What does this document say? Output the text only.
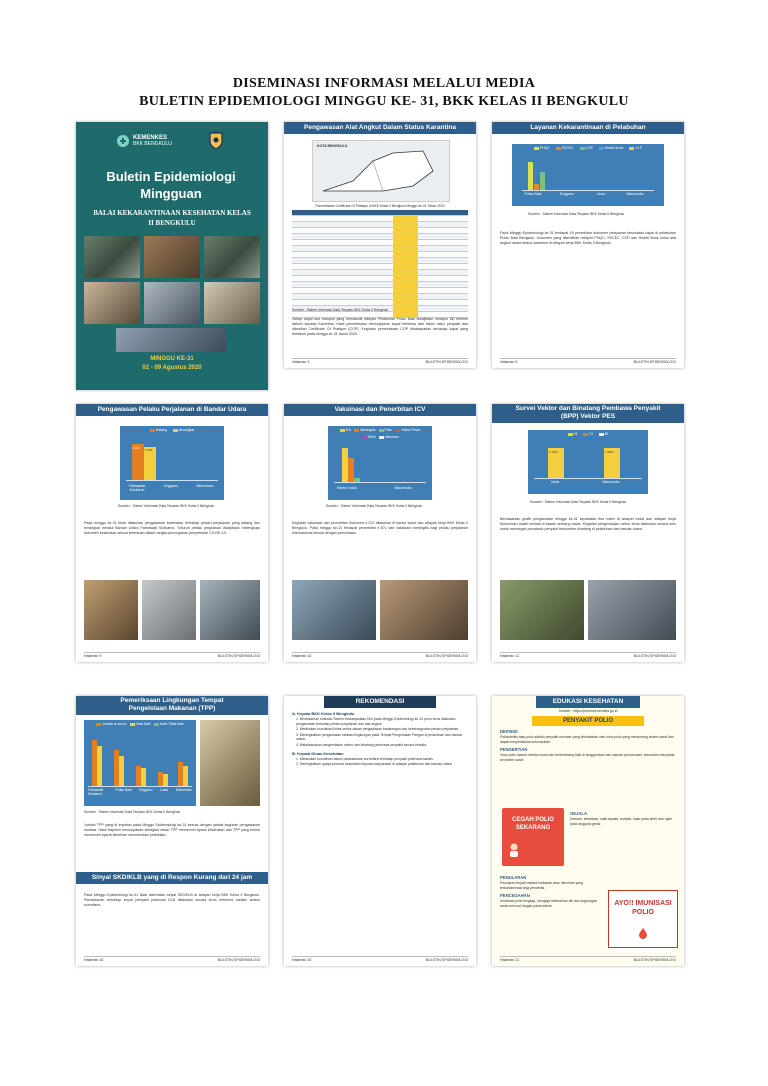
DISEMINASI INFORMASI MELALUI MEDIA
BULETIN EPIDEMIOLOGI MINGGU KE- 31, BKK KELAS II BENGKULU
KEMENKES
BKK BENGKULU
Buletin Epidemiologi Mingguan
BALAI KEKARANTINAAN KESEHATAN KELAS II BENGKULU
MINGGU KE-31
02 - 09 Agustus 2020
Pengawasan Alat Angkut Dalam Status Karantina
KOTA BENGKULU
Pemeriksaan Certificate Of Pratique di BKK Kelas II Bengkulu Minggu ke-31 Tahun 2020
Sumber : Sistem Informasi Data Terpadu BKK Kelas II Bengkulu
Setiap kapal laut maupun yang memasuki wilayah Pelabuhan Pulau Baai diwajibkan melapor diri terlebih dahulu kepada Karantina. Hasil pemeriksaan menunjukkan kapal terbebas dari faktor risiko penyakit dan diberikan Certificate Of Pratique (COP). Kegiatan pemeriksaan COP dilaksanakan terhadap kapal yang berlabuh pada minggu ke-31 tahun 2020.
Halaman 3	BULETIN EPIDEMIOLOGI
Layanan Kekarantinaan di Pelabuhan
PHQC	SSCEC	COP	Health Book	CLP
Pulau Baai	Enggano	Linau	Mukomuko
Sumber : Sistem Informasi Data Terpadu BKK Kelas II Bengkulu
Pada Minggu Epidemiologi ke-31 terdapat 18 penerbitan dokumen pelayanan kesehatan kapal di pelabuhan Pulau Baai Bengkulu. Dokumen yang diterbitkan meliputi PHQC, SSCEC, COP dan Health Book untuk alat angkut dalam status karantina di wilayah kerja BKK Kelas II Bengkulu.
Halaman 6	BULETIN EPIDEMIOLOGI
Pengawasan Pelaku Perjalanan di Bandar Udara
Datang	Berangkat
1.201 1.096
Fatmawati Soekarno
Enggano	Mukomuko
Sumber : Sistem Informasi Data Terpadu BKK Kelas II Bengkulu
Pada minggu ke-31 telah dilakukan pengawasan kesehatan terhadap pelaku perjalanan yang datang dan berangkat melalui Bandar Udara Fatmawati Soekarno. Seluruh pelaku perjalanan diwajibkan melengkapi dokumen kesehatan sesuai ketentuan dalam rangka pencegahan penyebaran COVID-19.
Halaman 9	BULETIN EPIDEMIOLOGI
Vaksinasi dan Penerbitan ICV
ICV	Meningitis	Polio	Yellow Fever
Tifoid	Influenza
Kantor Induk	Mukomuko
Sumber : Sistem Informasi Data Terpadu BKK Kelas II Bengkulu
Kegiatan vaksinasi dan penerbitan dokumen e-ICV dilakukan di kantor induk dan wilayah kerja BKK Kelas II Bengkulu. Pada minggu ke-31 terdapat penerbitan e-ICV dan vaksinasi meningitis bagi pelaku perjalanan internasional sesuai dengan permintaan.
Halaman 10	BULETIN EPIDEMIOLOGI
Survei Vektor dan Binatang Pembawa Penyakit (BPP) Vektor PES
HI	CI	BI
1,76%	1,00%
Induk	Mukomuko
Sumber : Sistem Informasi Data Terpadu BKK Kelas II Bengkulu
Berdasarkan grafik pengamatan minggu ke-31 kepadatan flea index di wilayah Induk dan wilayah kerja Mukomuko masih berada di bawah ambang batas. Kegiatan pengendalian vektor terus dilakukan secara rutin untuk mencegah penularan penyakit bersumber binatang di pelabuhan dan bandar udara.
Halaman 11	BULETIN EPIDEMIOLOGI
Pemeriksaan Lingkungan Tempat Pengelolaan Makanan (TPP)
Jumlah di survei	Hasil Baik	Hasil Tidak Baik
Fatmawati Soekarno
Pulau Baai Enggano Linau Mukomuko
Sumber : Sistem Informasi Data Terpadu BKK Kelas II Bengkulu
Jumlah TPP yang di inspeksi pada Minggu Epidemiologi ke-31 sesuai dengan jadwal kegiatan pengawasan sanitasi. Hasil inspeksi menunjukkan sebagian besar TPP memenuhi syarat kesehatan dan TPP yang belum memenuhi syarat diberikan rekomendasi perbaikan.
Sinyal SKD/KLB yang di Respon Kurang dari 24 jam
Pada Minggu Epidemiologi ke-31 tidak ditemukan sinyal SKD/KLB di wilayah kerja BKK Kelas II Bengkulu. Pemantauan terhadap sinyal penyakit potensial KLB dilakukan secara terus menerus melalui sistem surveilans.
Halaman 15	BULETIN EPIDEMIOLOGI
REKOMENDASI
A. Kepala BKK Kelas II Bengkulu
1. Berdasarkan evaluasi Sistem Kewaspadaan Dini pada Minggu Epidemiologi ke-31 perlu terus dilakukan pengawasan terhadap pelaku perjalanan dan alat angkut.
2. Melakukan koordinasi lintas sektor dalam pengawasan kedatangan dan keberangkatan pelaku perjalanan.
3. Meningkatkan pengawasan sanitasi lingkungan pada Tempat Pengelolaan Pangan di pelabuhan dan bandar udara.
4. Melaksanakan pengendalian vektor dan binatang pembawa penyakit secara berkala.
B. Kepala Dinas Kesehatan
1. Melakukan koordinasi dalam pelaksanaan surveilans terhadap penyakit potensial wabah.
2. Meningkatkan upaya promosi kesehatan kepada masyarakat di wilayah pelabuhan dan bandar udara.
Halaman 20	BULETIN EPIDEMIOLOGI
EDUKASI KESEHATAN
Sumber : https://promkes.kemkes.go.id
PENYAKIT POLIO
DEFINISI
Poliomielitis atau polio adalah penyakit menular yang disebabkan oleh virus polio yang menyerang sistem saraf dan dapat menyebabkan kelumpuhan.
PENGERTIAN
Virus polio masuk melalui mulut dan berkembang biak di tenggorokan dan saluran pencernaan, kemudian menyebar ke sistem saraf.
CEGAH POLIO SEKARANG
GEJALA
Demam, kelelahan, sakit kepala, muntah, kaku pada leher dan nyeri pada anggota gerak.
PENULARAN
Penularan terjadi melalui makanan atau minuman yang terkontaminasi tinja penderita.
PENCEGAHAN
Imunisasi polio lengkap, menjaga kebersihan diri dan lingkungan serta mencuci tangan pakai sabun.	AYO!! IMUNISASI POLIO
Halaman 21	BULETIN EPIDEMIOLOGI
